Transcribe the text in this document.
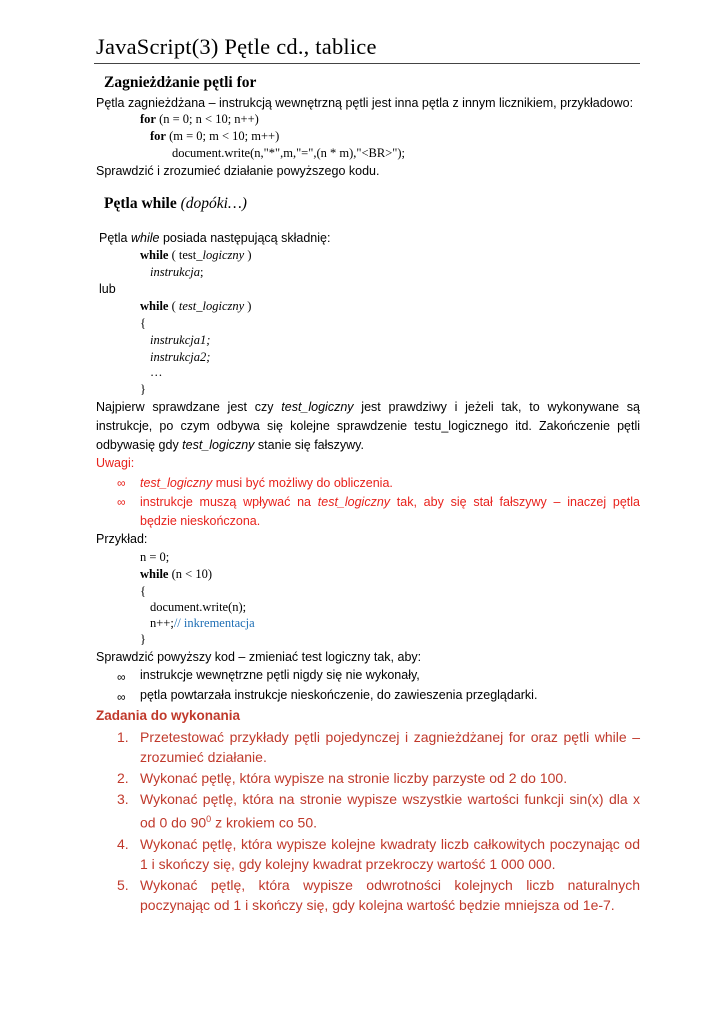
JavaScript(3) Pętle cd., tablice
Zagnieżdżanie pętli for
Pętla zagnieżdżana – instrukcją wewnętrzną pętli jest inna pętla z innym licznikiem, przykładowo:
for (n = 0; n < 10; n++)
for (m = 0; m < 10; m++)
document.write(n,"*",m,"=",(n * m),"<BR>");
Sprawdzić i zrozumieć działanie powyższego kodu.
Pętla while (dopóki…)
Pętla while posiada następującą składnię:
while ( test_logiczny )
instrukcja;
lub
while ( test_logiczny )
{
instrukcja1;
instrukcja2;
…
}
Najpierw sprawdzane jest czy test_logiczny jest prawdziwy i jeżeli tak, to wykonywane są instrukcje, po czym odbywa się kolejne sprawdzenie testu_logicznego itd. Zakończenie pętli odbywasię gdy test_logiczny stanie się fałszywy.
Uwagi:
∞ test_logiczny musi być możliwy do obliczenia.
∞ instrukcje muszą wpływać na test_logiczny tak, aby się stał fałszywy – inaczej pętla będzie nieskończona.
Przykład:
n = 0;
while (n < 10)
{
document.write(n);
n++;// inkrementacja
}
Sprawdzić powyższy kod – zmieniać test logiczny tak, aby:
∞ instrukcje wewnętrzne pętli nigdy się nie wykonały,
∞ pętla powtarzała instrukcje nieskończenie, do zawieszenia przeglądarki.
Zadania do wykonania
1. Przetestować przykłady pętli pojedynczej i zagnieżdżanej for oraz pętli while – zrozumieć działanie.
2. Wykonać pętlę, która wypisze na stronie liczby parzyste od 2 do 100.
3. Wykonać pętlę, która na stronie wypisze wszystkie wartości funkcji sin(x) dla x od 0 do $90^0$ z krokiem co 50.
4. Wykonać pętlę, która wypisze kolejne kwadraty liczb całkowitych poczynając od 1 i skończy się, gdy kolejny kwadrat przekroczy wartość 1 000 000.
5. Wykonać pętlę, która wypisze odwrotności kolejnych liczb naturalnych poczynając od 1 i skończy się, gdy kolejna wartość będzie mniejsza od 1e-7.
